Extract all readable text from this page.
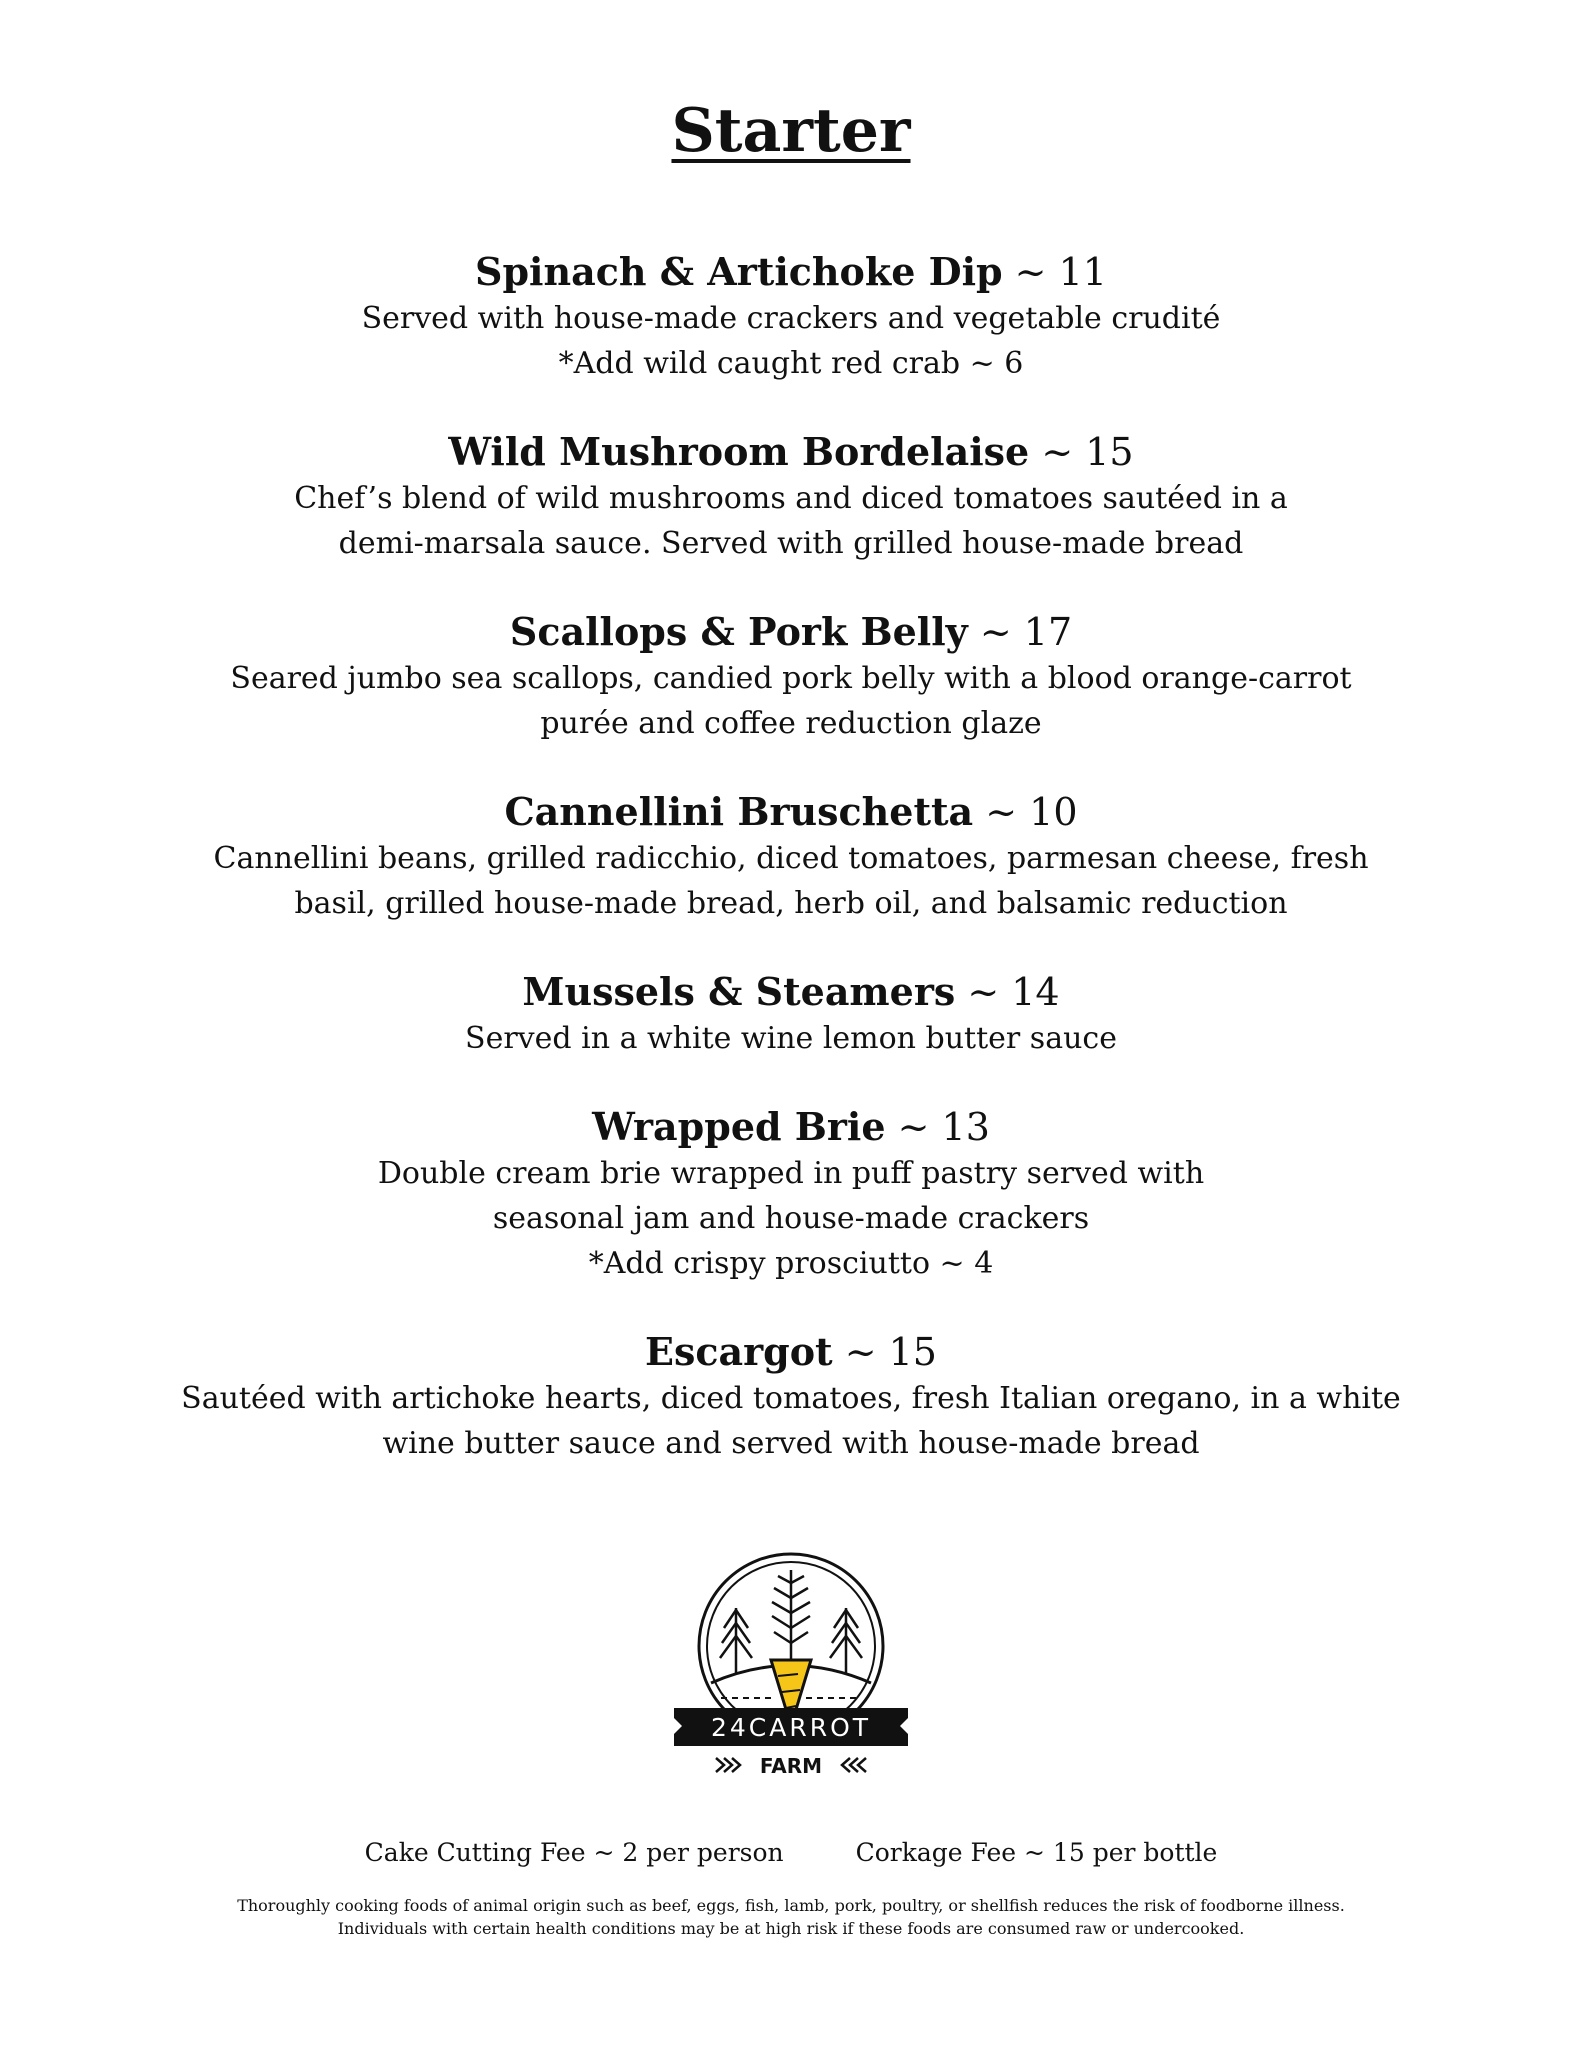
Starter
Spinach & Artichoke Dip ~ 11
Served with house-made crackers and vegetable crudité
*Add wild caught red crab ~ 6
Wild Mushroom Bordelaise ~ 15
Chef’s blend of wild mushrooms and diced tomatoes sautéed in a
demi-marsala sauce. Served with grilled house-made bread
Scallops & Pork Belly ~ 17
Seared jumbo sea scallops, candied pork belly with a blood orange-carrot
purée and coffee reduction glaze
Cannellini Bruschetta ~ 10
Cannellini beans, grilled radicchio, diced tomatoes, parmesan cheese, fresh
basil, grilled house-made bread, herb oil, and balsamic reduction
Mussels & Steamers ~ 14
Served in a white wine lemon butter sauce
Wrapped Brie ~ 13
Double cream brie wrapped in puff pastry served with
seasonal jam and house-made crackers
*Add crispy prosciutto ~ 4
Escargot ~ 15
Sautéed with artichoke hearts, diced tomatoes, fresh Italian oregano, in a white
wine butter sauce and served with house-made bread
24CARROT
FARM
Cake Cutting Fee ~ 2 per person	Corkage Fee ~ 15 per bottle
Thoroughly cooking foods of animal origin such as beef, eggs, fish, lamb, pork, poultry, or shellfish reduces the risk of foodborne illness.
Individuals with certain health conditions may be at high risk if these foods are consumed raw or undercooked.
